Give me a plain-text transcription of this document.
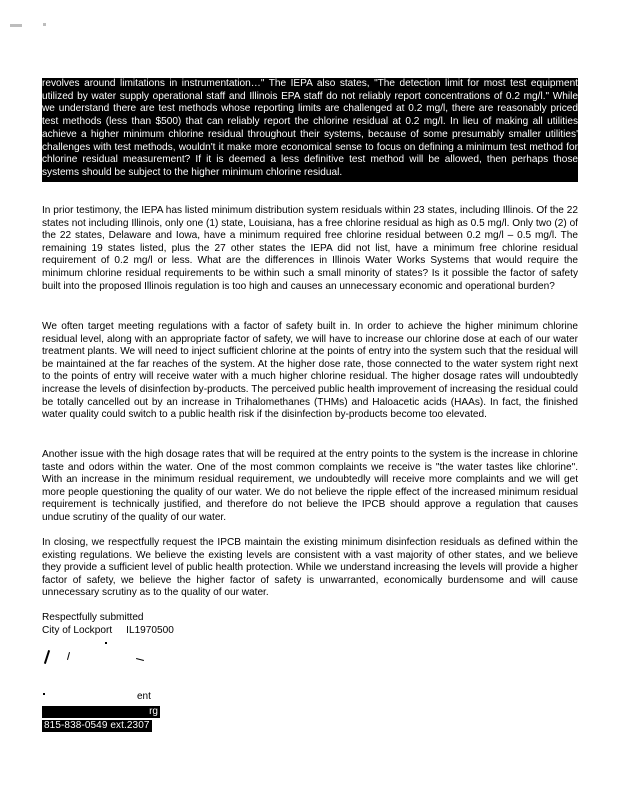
revolves around limitations in instrumentation…" The IEPA also states, "The detection limit for most test equipment utilized by water supply operational staff and Illinois EPA staff do not reliably report concentrations of 0.2 mg/l." While we understand there are test methods whose reporting limits are challenged at 0.2 mg/l, there are reasonably priced test methods (less than $500) that can reliably report the chlorine residual at 0.2 mg/l. In lieu of making all utilities achieve a higher minimum chlorine residual throughout their systems, because of some presumably smaller utilities' challenges with test methods, wouldn't it make more economical sense to focus on defining a minimum test method for chlorine residual measurement? If it is deemed a less definitive test method will be allowed, then perhaps those systems should be subject to the higher minimum chlorine residual.

In prior testimony, the IEPA has listed minimum distribution system residuals within 23 states, including Illinois. Of the 22 states not including Illinois, only one (1) state, Louisiana, has a free chlorine residual as high as 0.5 mg/l. Only two (2) of the 22 states, Delaware and Iowa, have a minimum required free chlorine residual between 0.2 mg/l – 0.5 mg/l. The remaining 19 states listed, plus the 27 other states the IEPA did not list, have a minimum free chlorine residual requirement of 0.2 mg/l or less. What are the differences in Illinois Water Works Systems that would require the minimum chlorine residual requirements to be within such a small minority of states? Is it possible the factor of safety built into the proposed Illinois regulation is too high and causes an unnecessary economic and operational burden?

We often target meeting regulations with a factor of safety built in. In order to achieve the higher minimum chlorine residual level, along with an appropriate factor of safety, we will have to increase our chlorine dose at each of our water treatment plants. We will need to inject sufficient chlorine at the points of entry into the system such that the residual will be maintained at the far reaches of the system. At the higher dose rate, those connected to the water system right next to the points of entry will receive water with a much higher chlorine residual. The higher dosage rates will undoubtedly increase the levels of disinfection by-products. The perceived public health improvement of increasing the residual could be totally cancelled out by an increase in Trihalomethanes (THMs) and Haloacetic acids (HAAs). In fact, the finished water quality could switch to a public health risk if the disinfection by-products become too elevated.

Another issue with the high dosage rates that will be required at the entry points to the system is the increase in chlorine taste and odors within the water. One of the most common complaints we receive is "the water tastes like chlorine". With an increase in the minimum residual requirement, we undoubtedly will receive more complaints and we will get more people questioning the quality of our water. We do not believe the ripple effect of the increased minimum residual requirement is technically justified, and therefore do not believe the IPCB should approve a regulation that causes undue scrutiny of the quality of our water.

In closing, we respectfully request the IPCB maintain the existing minimum disinfection residuals as defined within the existing regulations. We believe the existing levels are consistent with a vast majority of other states, and we believe they provide a sufficient level of public health protection. While we understand increasing the levels will provide a higher factor of safety, we believe the higher factor of safety is unwarranted, economically burdensome and will cause unnecessary scrutiny as to the quality of our water.

Respectfully submitted
City of Lockport     IL1970500
ent
rg
815-838-0549 ext.2307
